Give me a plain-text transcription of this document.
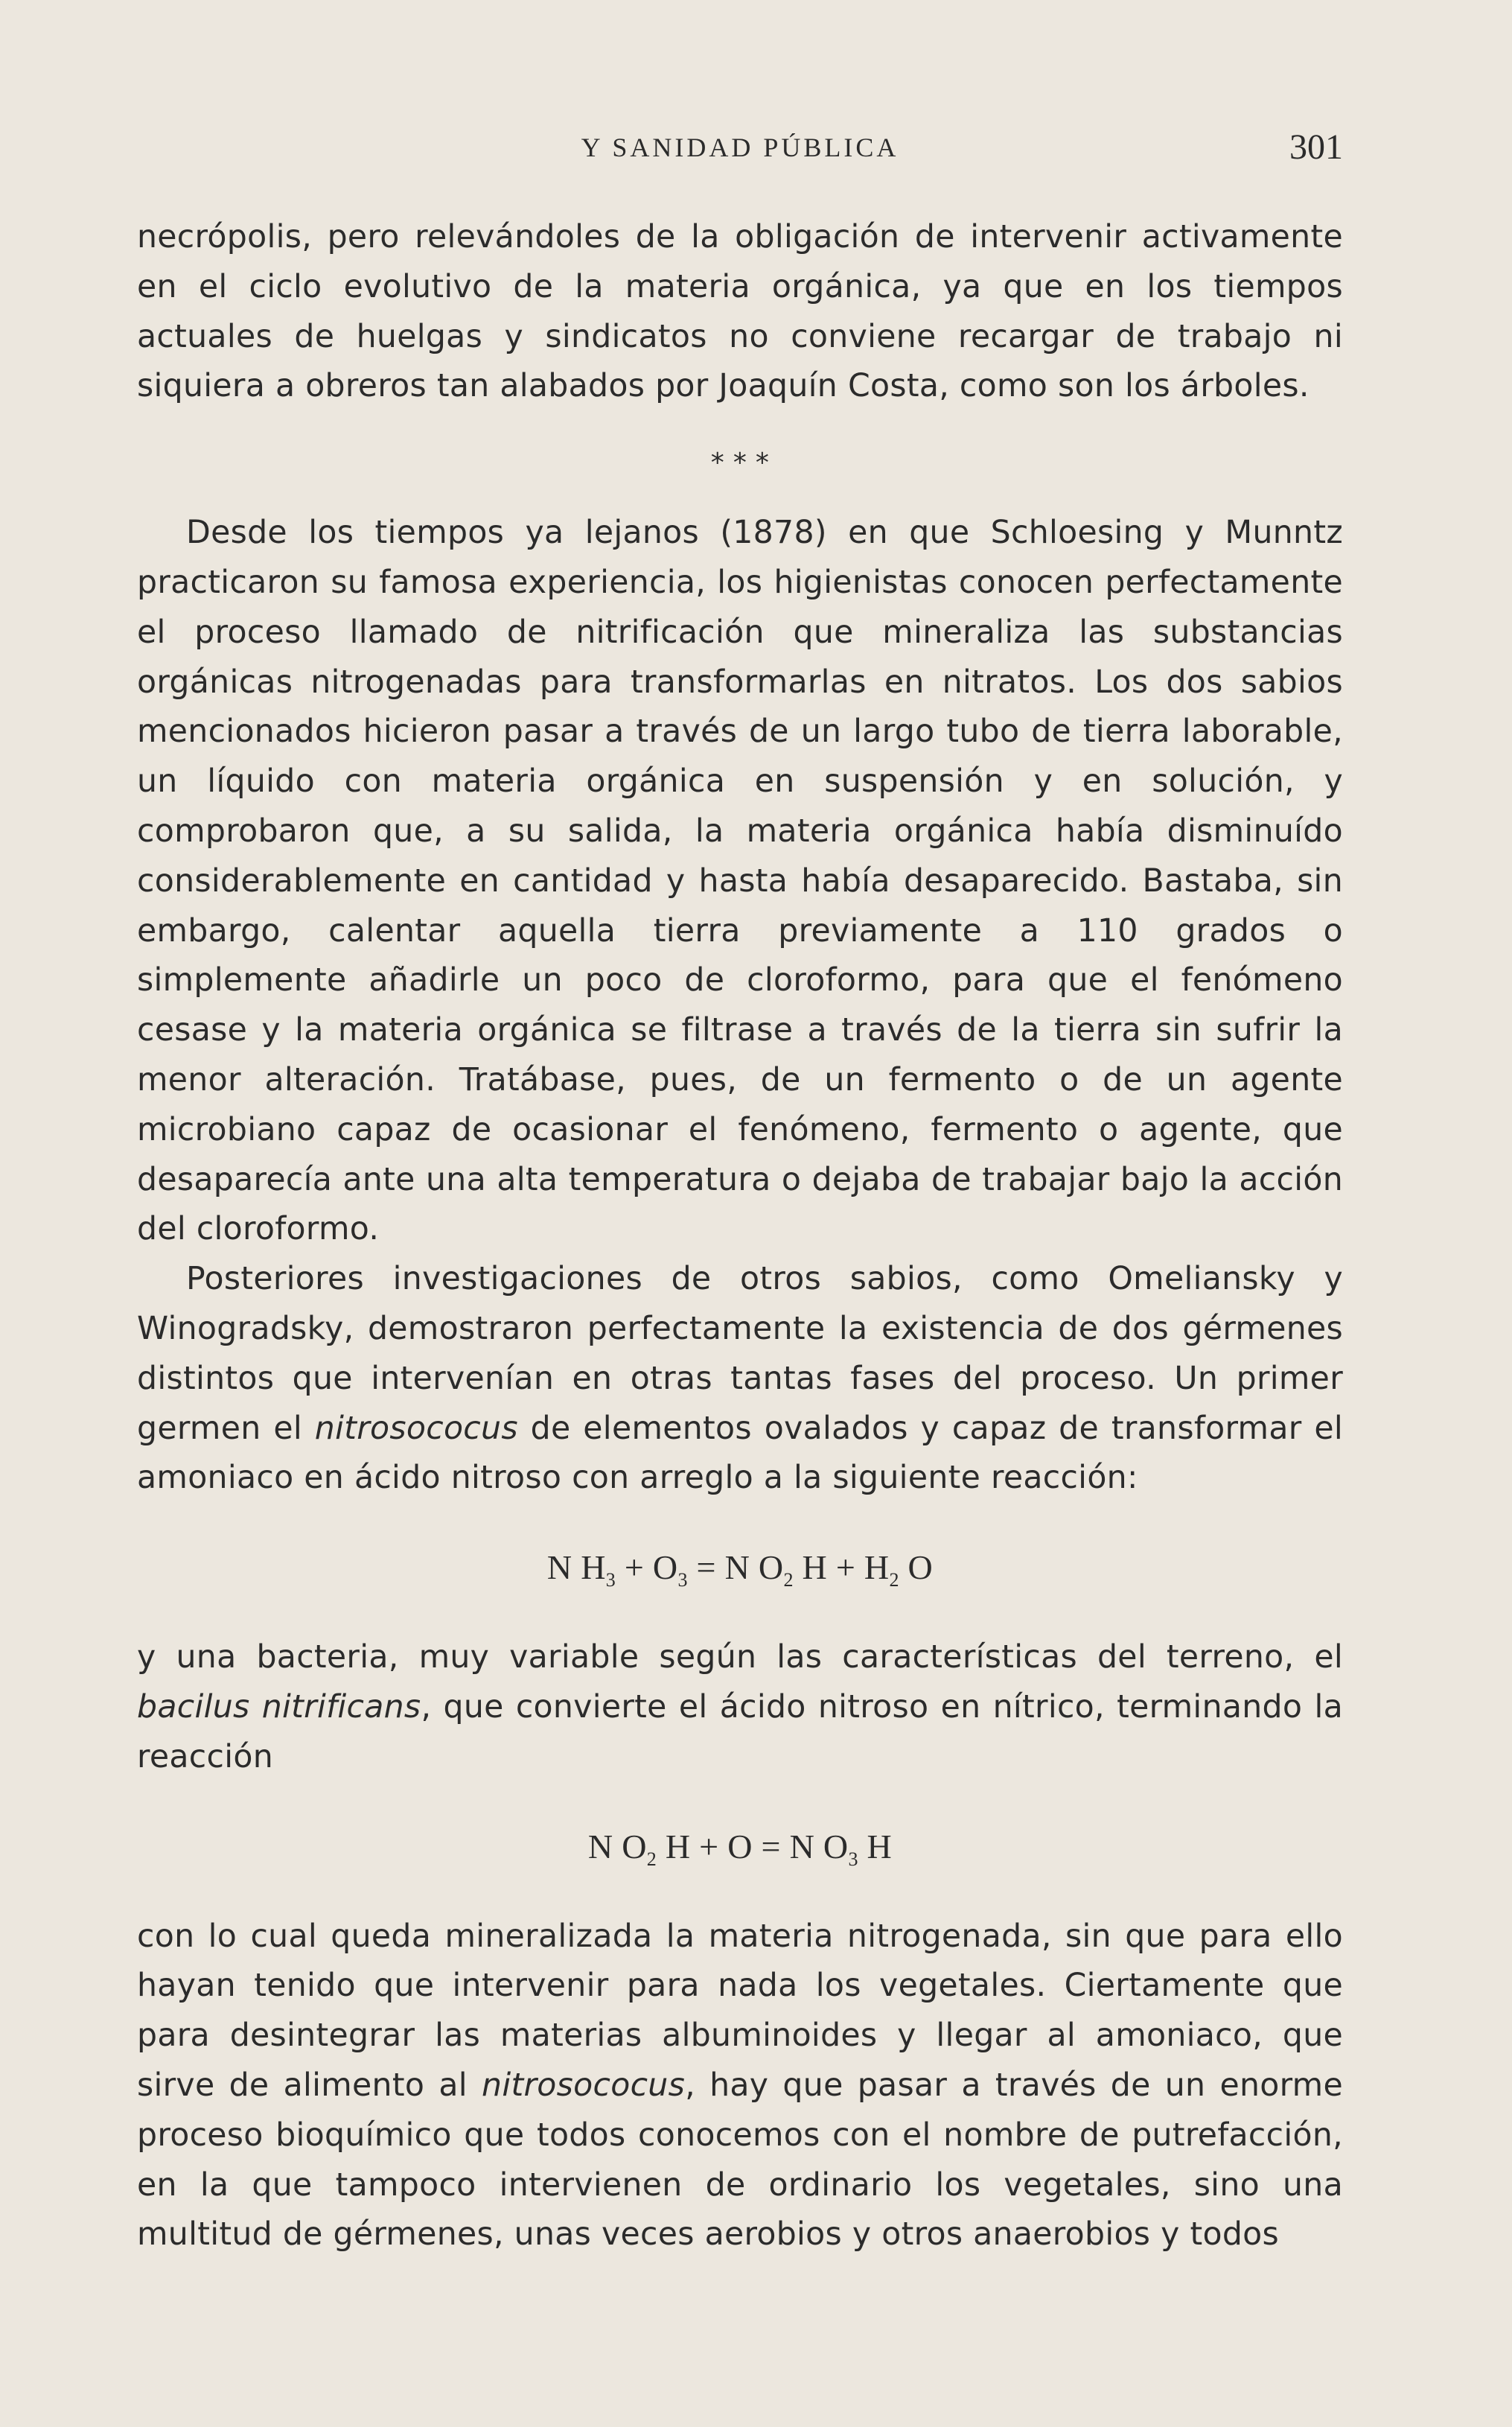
Y SANIDAD PÚBLICA	301

necrópolis, pero relevándoles de la obligación de intervenir activamente en el ciclo evolutivo de la materia orgánica, ya que en los tiempos actuales de huelgas y sindicatos no conviene recargar de trabajo ni siquiera a obreros tan alabados por Joaquín Costa, como son los árboles.

* * *

Desde los tiempos ya lejanos (1878) en que Schloesing y Munntz practicaron su famosa experiencia, los higienistas conocen perfectamente el proceso llamado de nitrificación que mineraliza las substancias orgánicas nitrogenadas para transformarlas en nitratos. Los dos sabios mencionados hicieron pasar a través de un largo tubo de tierra laborable, un líquido con materia orgánica en suspensión y en solución, y comprobaron que, a su salida, la materia orgánica había disminuído considerablemente en cantidad y hasta había desaparecido. Bastaba, sin embargo, calentar aquella tierra previamente a 110 grados o simplemente añadirle un poco de cloroformo, para que el fenómeno cesase y la materia orgánica se filtrase a través de la tierra sin sufrir la menor alteración. Tratábase, pues, de un fermento o de un agente microbiano capaz de ocasionar el fenómeno, fermento o agente, que desaparecía ante una alta temperatura o dejaba de trabajar bajo la acción del cloroformo.

Posteriores investigaciones de otros sabios, como Omeliansky y Winogradsky, demostraron perfectamente la existencia de dos gérmenes distintos que intervenían en otras tantas fases del proceso. Un primer germen el nitrosococus de elementos ovalados y capaz de transformar el amoniaco en ácido nitroso con arreglo a la siguiente reacción:

N $H_3 + O_3 = N$ $O_2$ $H + H_2$ O

y una bacteria, muy variable según las características del terreno, el bacilus nitrificans, que convierte el ácido nitroso en nítrico, terminando la reacción

N $O_2$ H + O = N $O_3$ H

con lo cual queda mineralizada la materia nitrogenada, sin que para ello hayan tenido que intervenir para nada los vegetales. Ciertamente que para desintegrar las materias albuminoides y llegar al amoniaco, que sirve de alimento al nitrosococus, hay que pasar a través de un enorme proceso bioquímico que todos conocemos con el nombre de putrefacción, en la que tampoco intervienen de ordinario los vegetales, sino una multitud de gérmenes, unas veces aerobios y otros anaerobios y todos
